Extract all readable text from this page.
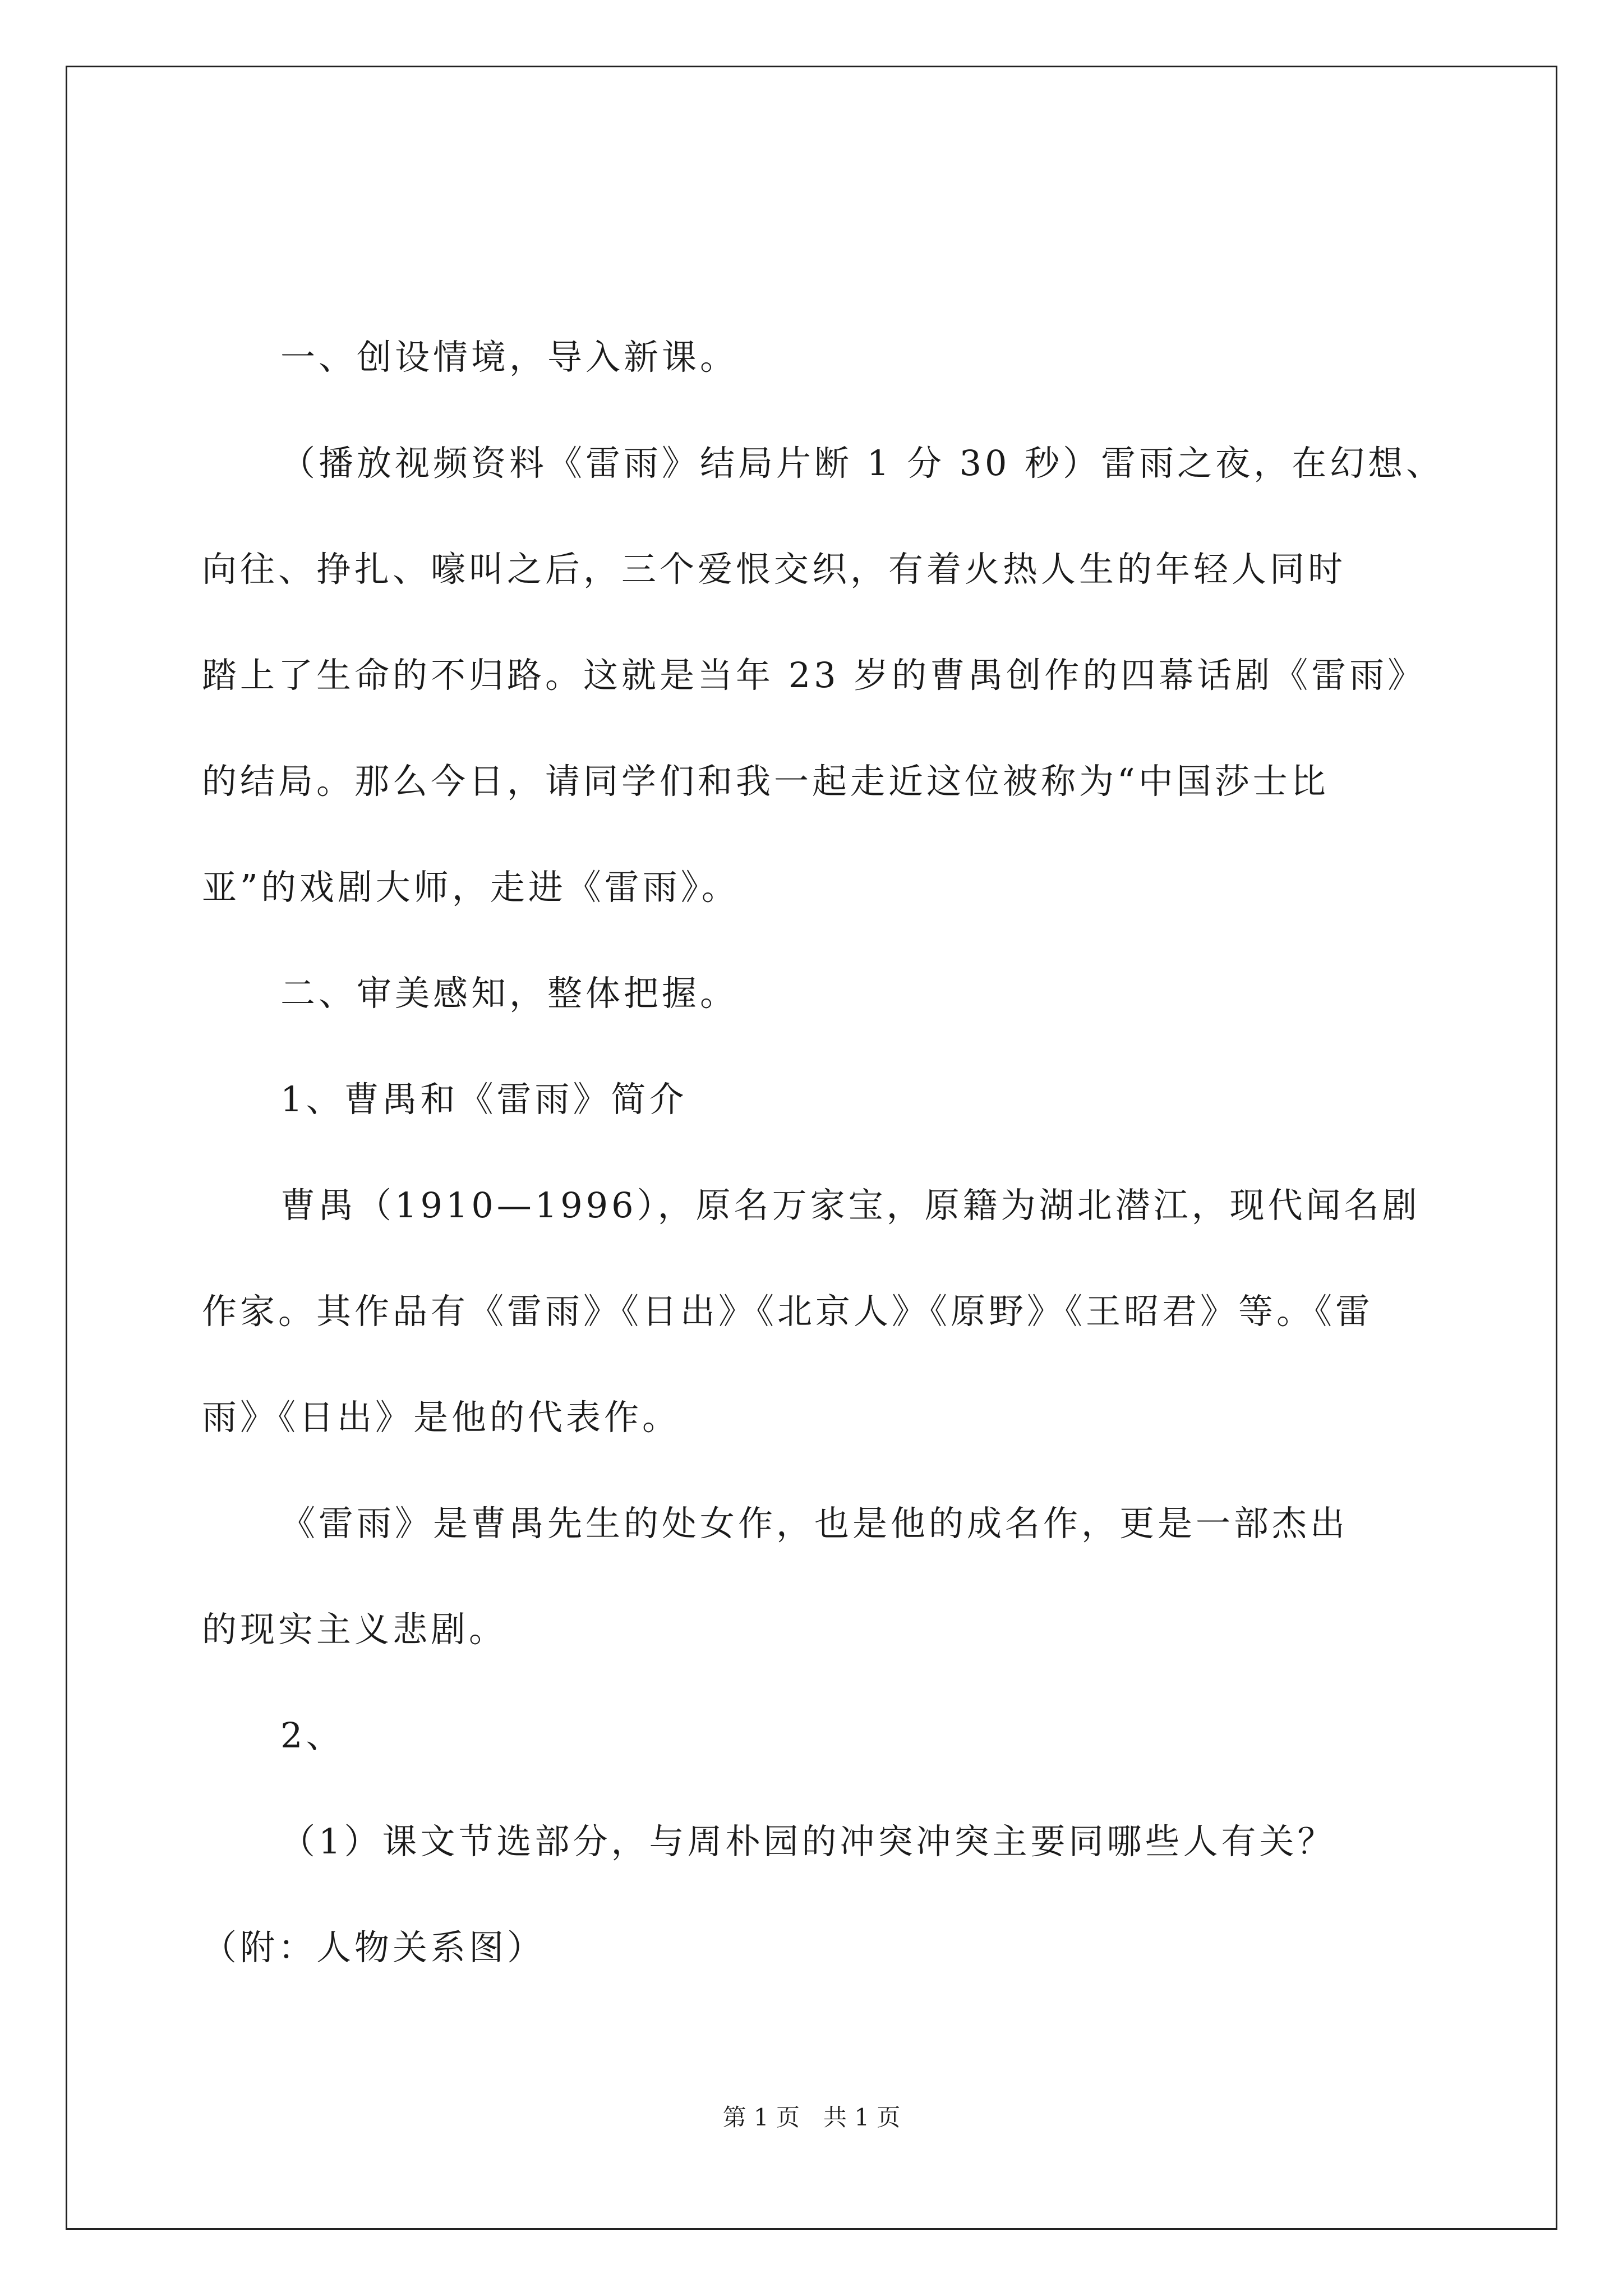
一、创设情境，导入新课。
（播放视频资料《雷雨》结局片断 1 分 30 秒）雷雨之夜，在幻想、
向往、挣扎、嚎叫之后，三个爱恨交织，有着火热人生的年轻人同时
踏上了生命的不归路。这就是当年 23 岁的曹禺创作的四幕话剧《雷雨》
的结局。那么今日，请同学们和我一起走近这位被称为“中国莎士比
亚”的戏剧大师，走进《雷雨》。
二、审美感知，整体把握。
1、曹禺和《雷雨》简介
曹禺（1910—1996），原名万家宝，原籍为湖北潜江，现代闻名剧
作家。其作品有《雷雨》《日出》《北京人》《原野》《王昭君》等。《雷
雨》《日出》是他的代表作。
《雷雨》是曹禺先生的处女作，也是他的成名作，更是一部杰出
的现实主义悲剧。
2、
（1）课文节选部分，与周朴园的冲突冲突主要同哪些人有关？
（附：人物关系图）
第 1 页　共 1 页
